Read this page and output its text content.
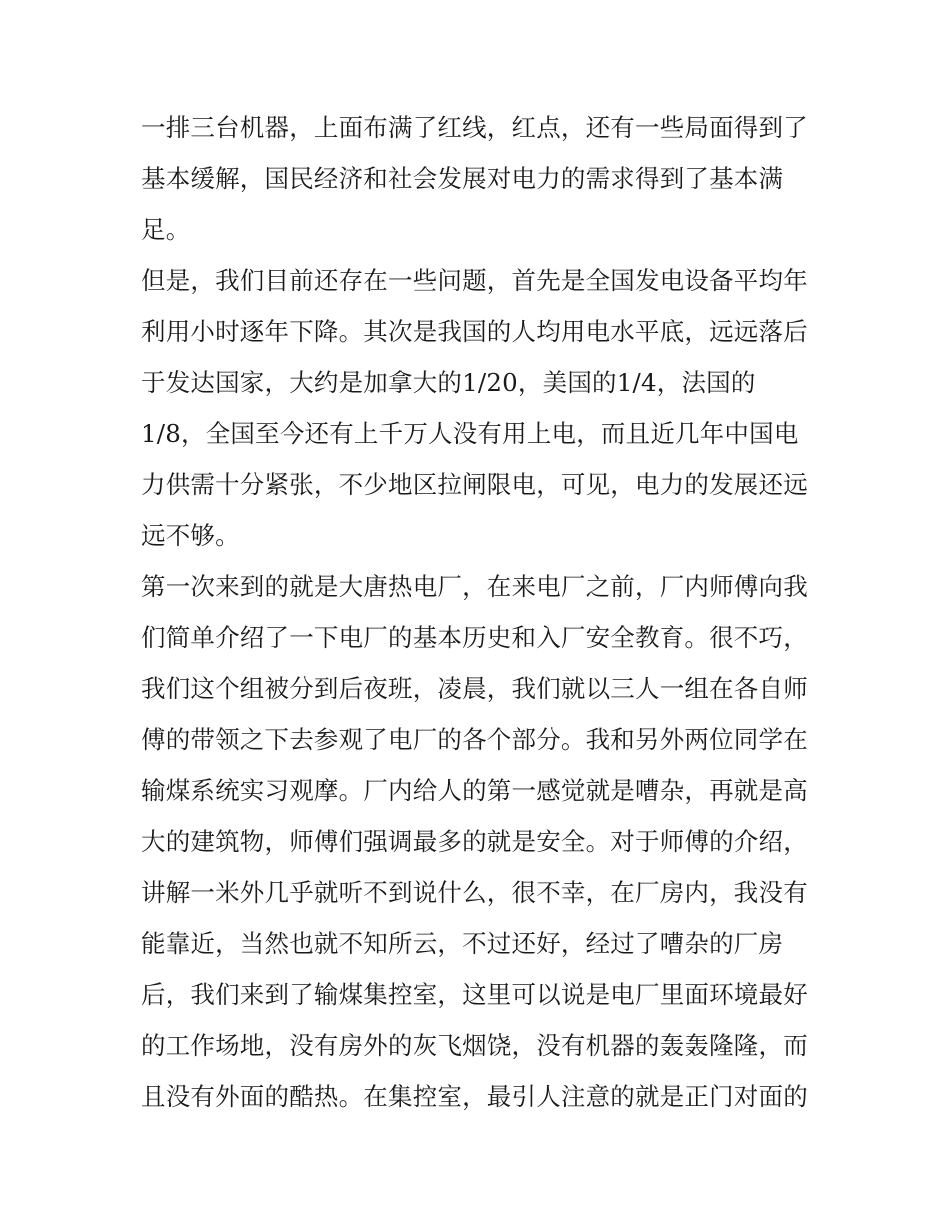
一排三台机器，上面布满了红线，红点，还有一些局面得到了
基本缓解，国民经济和社会发展对电力的需求得到了基本满
足。
但是，我们目前还存在一些问题，首先是全国发电设备平均年
利用小时逐年下降。其次是我国的人均用电水平底，远远落后
于发达国家，大约是加拿大的1/20，美国的1/4，法国的
1/8，全国至今还有上千万人没有用上电，而且近几年中国电
力供需十分紧张，不少地区拉闸限电，可见，电力的发展还远
远不够。
第一次来到的就是大唐热电厂，在来电厂之前，厂内师傅向我
们简单介绍了一下电厂的基本历史和入厂安全教育。很不巧，
我们这个组被分到后夜班，凌晨，我们就以三人一组在各自师
傅的带领之下去参观了电厂的各个部分。我和另外两位同学在
输煤系统实习观摩。厂内给人的第一感觉就是嘈杂，再就是高
大的建筑物，师傅们强调最多的就是安全。对于师傅的介绍，
讲解一米外几乎就听不到说什么，很不幸，在厂房内，我没有
能靠近，当然也就不知所云，不过还好，经过了嘈杂的厂房
后，我们来到了输煤集控室，这里可以说是电厂里面环境最好
的工作场地，没有房外的灰飞烟饶，没有机器的轰轰隆隆，而
且没有外面的酷热。在集控室，最引人注意的就是正门对面的
